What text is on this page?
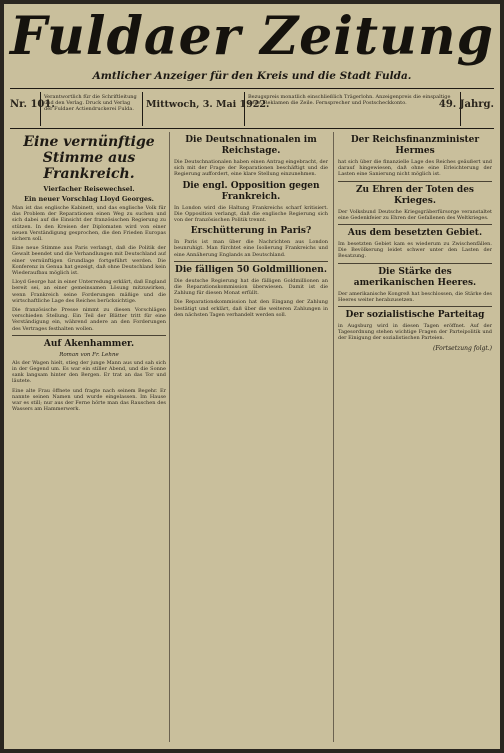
Fuldaer Zeitung
Amtlicher Anzeiger für den Kreis und die Stadt Fulda.
Nr. 101.
Verantwortlich für die Schriftleitung und den Verlag. Druck und Verlag der Fuldaer Actiendruckerei Fulda.	Mittwoch, 3. Mai 1922.
Bezugspreis monatlich einschließlich Trägerlohn. Anzeigenpreis die einspaltige Zeile. Reklamen die Zeile. Fernsprecher und Postscheckkonto.	49. Jahrg.
Eine vernünftige Stimme aus Frankreich.
Vierfacher Reisewechsel.
Ein neuer Vorschlag Lloyd Georges.

Man ist das englische Kabinett, und das englische Volk für das Problem der Reparationen einen Weg zu suchen und sich dabei auf die Einsicht der französischen Regierung zu stützen. In den Kreisen der Diplomaten wird von einer neuen Verständigung gesprochen, die den Frieden Europas sichern soll.

Eine neue Stimme aus Paris verlangt, daß die Politik der Gewalt beendet und die Verhandlungen mit Deutschland auf einer vernünftigen Grundlage fortgeführt werden. Die Konferenz in Genua hat gezeigt, daß ohne Deutschland kein Wiederaufbau möglich ist.

Lloyd George hat in einer Unterredung erklärt, daß England bereit sei, an einer gemeinsamen Lösung mitzuwirken, wenn Frankreich seine Forderungen mäßige und die wirtschaftliche Lage des Reiches berücksichtige.

Die französische Presse nimmt zu diesen Vorschlägen verschieden Stellung. Ein Teil der Blätter tritt für eine Verständigung ein, während andere an den Forderungen des Vertrages festhalten wollen.

Auf Akenhammer.
Roman von Fr. Lehne

Als der Wagen hielt, stieg der junge Mann aus und sah sich in der Gegend um. Es war ein stiller Abend, und die Sonne sank langsam hinter den Bergen. Er trat an das Tor und läutete.

Eine alte Frau öffnete und fragte nach seinem Begehr. Er nannte seinen Namen und wurde eingelassen. Im Hause war es still; nur aus der Ferne hörte man das Rauschen des Wassers am Hammerwerk.

Die Deutschnationalen im Reichstage.

Die Deutschnationalen haben einen Antrag eingebracht, der sich mit der Frage der Reparationen beschäftigt und die Regierung auffordert, eine klare Stellung einzunehmen.

Die engl. Opposition gegen Frankreich.

In London wird die Haltung Frankreichs scharf kritisiert. Die Opposition verlangt, daß die englische Regierung sich von der französischen Politik trennt.

Erschütterung in Paris?

In Paris ist man über die Nachrichten aus London beunruhigt. Man fürchtet eine Isolierung Frankreichs und eine Annäherung Englands an Deutschland.

Die fälligen 50 Goldmillionen.

Die deutsche Regierung hat die fälligen Goldmillionen an die Reparationskommission überwiesen. Damit ist die Zahlung für diesen Monat erfüllt.

Die Reparationskommission hat den Eingang der Zahlung bestätigt und erklärt, daß über die weiteren Zahlungen in den nächsten Tagen verhandelt werden soll.

Der Reichsfinanzminister Hermes

hat sich über die finanzielle Lage des Reiches geäußert und darauf hingewiesen, daß ohne eine Erleichterung der Lasten eine Sanierung nicht möglich ist.

Zu Ehren der Toten des Krieges.

Der Volksbund Deutsche Kriegsgräberfürsorge veranstaltet eine Gedenkfeier zu Ehren der Gefallenen des Weltkrieges.

Aus dem besetzten Gebiet.

Im besetzten Gebiet kam es wiederum zu Zwischenfällen. Die Bevölkerung leidet schwer unter den Lasten der Besatzung.

Die Stärke des amerikanischen Heeres.

Der amerikanische Kongreß hat beschlossen, die Stärke des Heeres weiter herabzusetzen.

Der sozialistische Parteitag

in Augsburg wird in diesen Tagen eröffnet. Auf der Tagesordnung stehen wichtige Fragen der Parteipolitik und der Einigung der sozialistischen Parteien.

(Fortsetzung folgt.)
